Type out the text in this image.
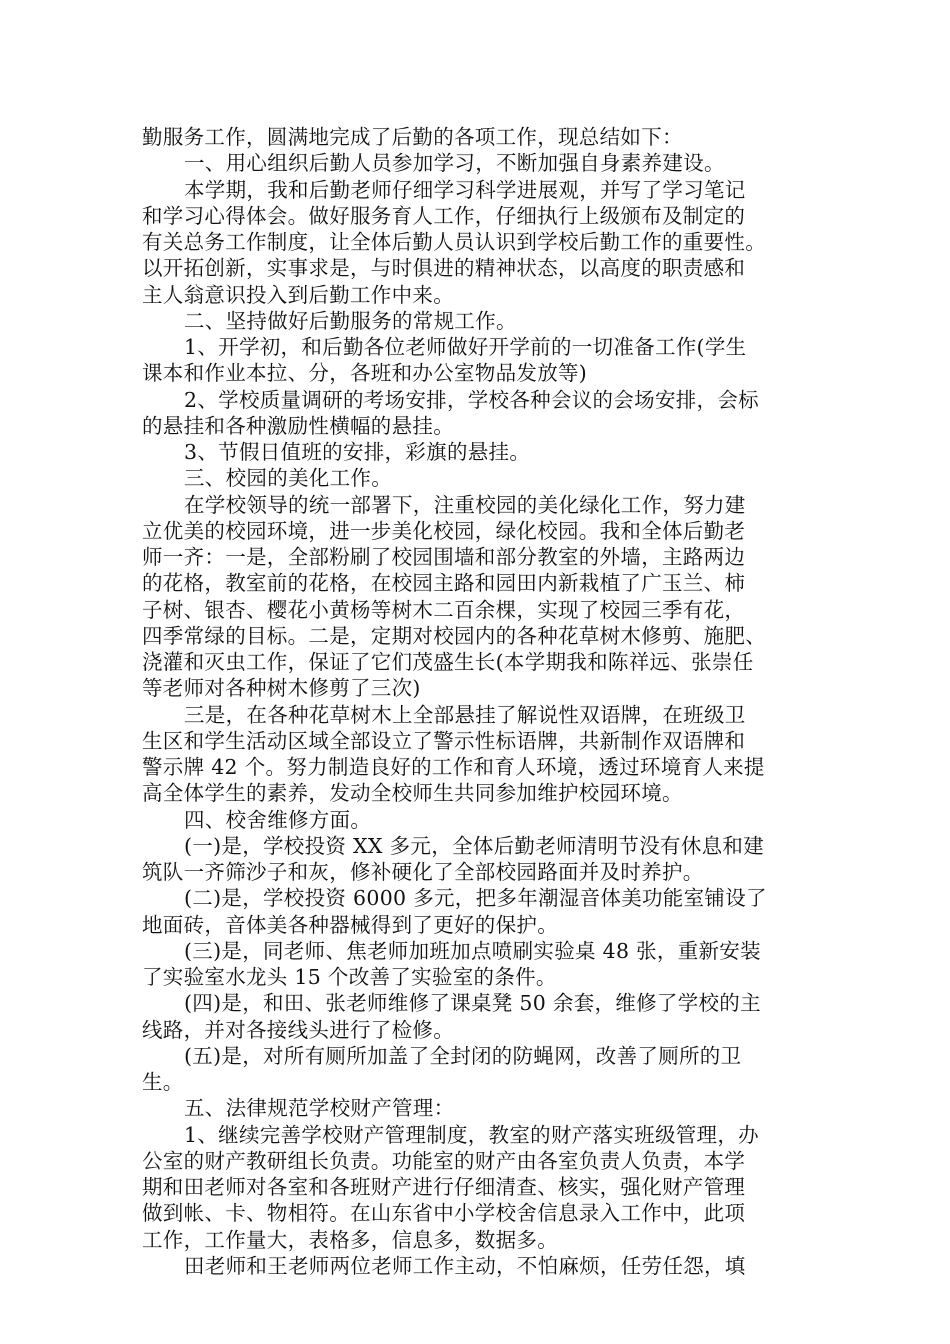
勤服务工作，圆满地完成了后勤的各项工作，现总结如下：
一、用心组织后勤人员参加学习，不断加强自身素养建设。
本学期，我和后勤老师仔细学习科学进展观，并写了学习笔记
和学习心得体会。做好服务育人工作，仔细执行上级颁布及制定的
有关总务工作制度，让全体后勤人员认识到学校后勤工作的重要性。
以开拓创新，实事求是，与时俱进的精神状态，以高度的职责感和
主人翁意识投入到后勤工作中来。
二、坚持做好后勤服务的常规工作。
1、开学初，和后勤各位老师做好开学前的一切准备工作(学生
课本和作业本拉、分，各班和办公室物品发放等)
2、学校质量调研的考场安排，学校各种会议的会场安排，会标
的悬挂和各种激励性横幅的悬挂。
3、节假日值班的安排，彩旗的悬挂。
三、校园的美化工作。
在学校领导的统一部署下，注重校园的美化绿化工作，努力建
立优美的校园环境，进一步美化校园，绿化校园。我和全体后勤老
师一齐：一是，全部粉刷了校园围墙和部分教室的外墙，主路两边
的花格，教室前的花格，在校园主路和园田内新栽植了广玉兰、柿
子树、银杏、樱花小黄杨等树木二百余棵，实现了校园三季有花，
四季常绿的目标。二是，定期对校园内的各种花草树木修剪、施肥、
浇灌和灭虫工作，保证了它们茂盛生长(本学期我和陈祥远、张崇任
等老师对各种树木修剪了三次)
三是，在各种花草树木上全部悬挂了解说性双语牌，在班级卫
生区和学生活动区域全部设立了警示性标语牌，共新制作双语牌和
警示牌 42 个。努力制造良好的工作和育人环境，透过环境育人来提
高全体学生的素养，发动全校师生共同参加维护校园环境。
四、校舍维修方面。
(一)是，学校投资 XX 多元，全体后勤老师清明节没有休息和建
筑队一齐筛沙子和灰，修补硬化了全部校园路面并及时养护。
(二)是，学校投资 6000 多元，把多年潮湿音体美功能室铺设了
地面砖，音体美各种器械得到了更好的保护。
(三)是，同老师、焦老师加班加点喷刷实验桌 48 张，重新安装
了实验室水龙头 15 个改善了实验室的条件。
(四)是，和田、张老师维修了课桌凳 50 余套，维修了学校的主
线路，并对各接线头进行了检修。
(五)是，对所有厕所加盖了全封闭的防蝇网，改善了厕所的卫
生。
五、法律规范学校财产管理：
1、继续完善学校财产管理制度，教室的财产落实班级管理，办
公室的财产教研组长负责。功能室的财产由各室负责人负责，本学
期和田老师对各室和各班财产进行仔细清查、核实，强化财产管理
做到帐、卡、物相符。在山东省中小学校舍信息录入工作中，此项
工作，工作量大，表格多，信息多，数据多。
田老师和王老师两位老师工作主动，不怕麻烦，任劳任怨，填
